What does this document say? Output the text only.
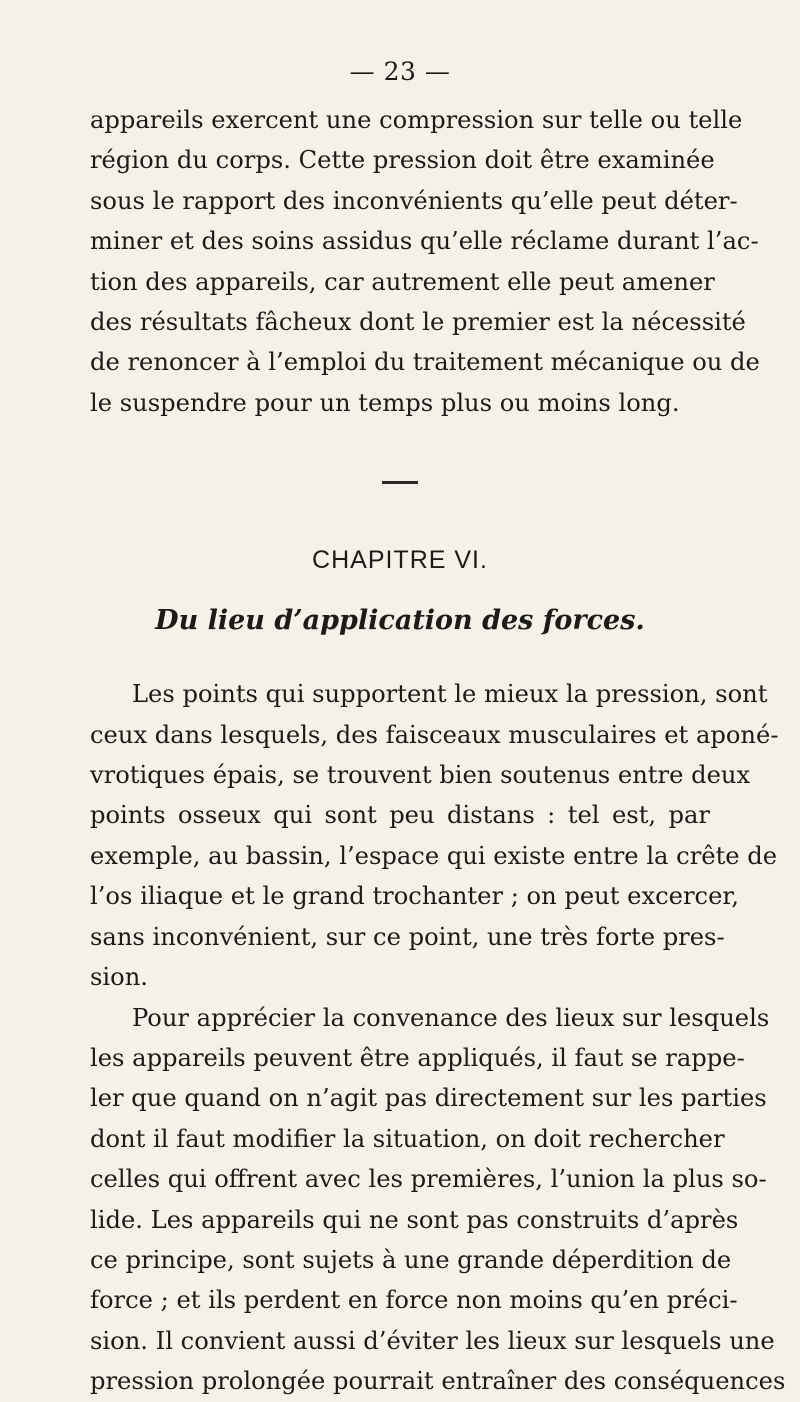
— 23 —

appareils exercent une compression sur telle ou telle
région du corps. Cette pression doit être examinée
sous le rapport des inconvénients qu’elle peut déter-
miner et des soins assidus qu’elle réclame durant l’ac-
tion des appareils, car autrement elle peut amener
des résultats fâcheux dont le premier est la nécessité
de renoncer à l’emploi du traitement mécanique ou de
le suspendre pour un temps plus ou moins long.

CHAPITRE VI.
Du lieu d’application des forces.

Les points qui supportent le mieux la pression, sont
ceux dans lesquels, des faisceaux musculaires et aponé-
vrotiques épais, se trouvent bien soutenus entre deux
points osseux qui sont peu distans : tel est, par
exemple, au bassin, l’espace qui existe entre la crête de
l’os iliaque et le grand trochanter ; on peut excercer,
sans inconvénient, sur ce point, une très forte pres-
sion.

Pour apprécier la convenance des lieux sur lesquels
les appareils peuvent être appliqués, il faut se rappe-
ler que quand on n’agit pas directement sur les parties
dont il faut modifier la situation, on doit rechercher
celles qui offrent avec les premières, l’union la plus so-
lide. Les appareils qui ne sont pas construits d’après
ce principe, sont sujets à une grande déperdition de
force ; et ils perdent en force non moins qu’en préci-
sion. Il convient aussi d’éviter les lieux sur lesquels une
pression prolongée pourrait entraîner des conséquences
